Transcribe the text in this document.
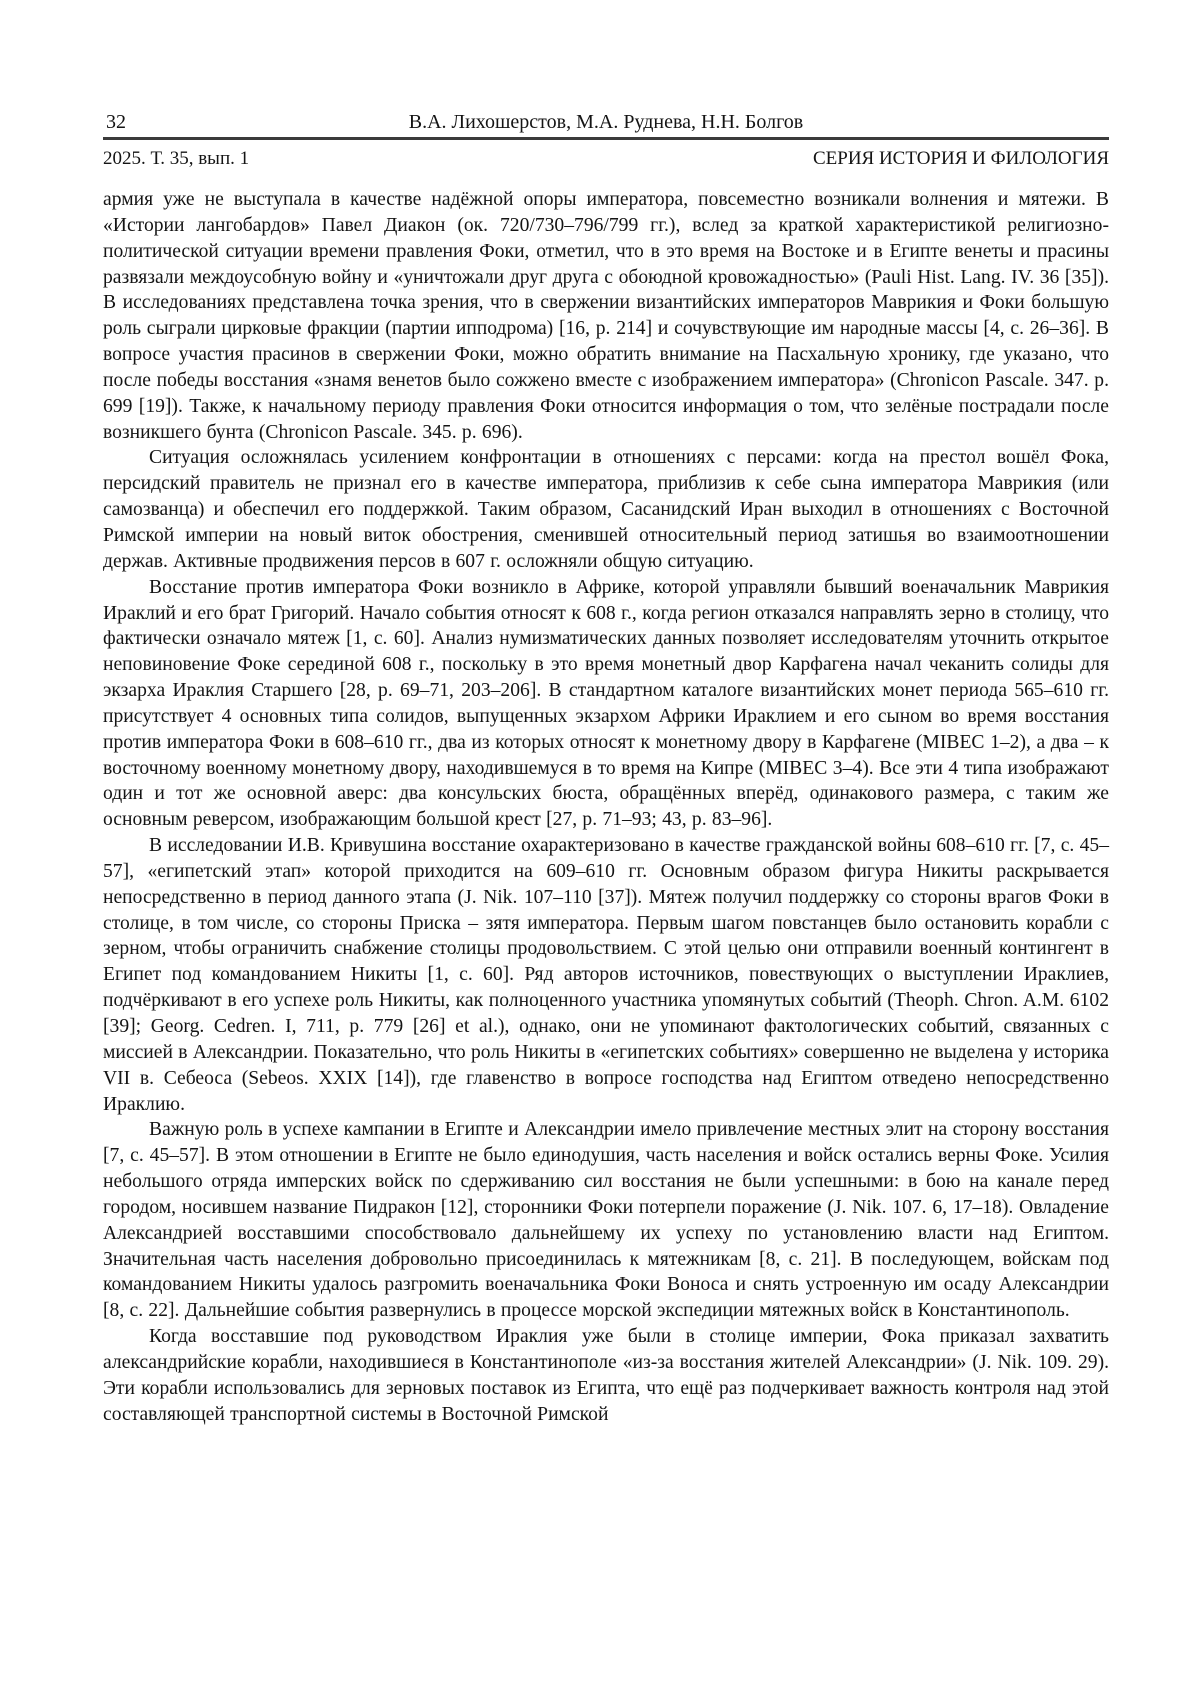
32	В.А. Лихошерстов, М.А. Руднева, Н.Н. Болгов
2025. Т. 35, вып. 1	СЕРИЯ ИСТОРИЯ И ФИЛОЛОГИЯ

армия уже не выступала в качестве надёжной опоры императора, повсеместно возникали волнения и мятежи. В «Истории лангобардов» Павел Диакон (ок. 720/730–796/799 гг.), вслед за краткой характеристикой религиозно-политической ситуации времени правления Фоки, отметил, что в это время на Востоке и в Египте венеты и прасины развязали междоусобную войну и «уничтожали друг друга с обоюдной кровожадностью» (Pauli Hist. Lang. IV. 36 [35]). В исследованиях представлена точка зрения, что в свержении византийских императоров Маврикия и Фоки большую роль сыграли цирковые фракции (партии ипподрома) [16, p. 214] и сочувствующие им народные массы [4, с. 26–36]. В вопросе участия прасинов в свержении Фоки, можно обратить внимание на Пасхальную хронику, где указано, что после победы восстания «знамя венетов было сожжено вместе с изображением императора» (Chronicon Pascale. 347. p. 699 [19]). Также, к начальному периоду правления Фоки относится информация о том, что зелёные пострадали после возникшего бунта (Chronicon Pascale. 345. p. 696).

Ситуация осложнялась усилением конфронтации в отношениях с персами: когда на престол вошёл Фока, персидский правитель не признал его в качестве императора, приблизив к себе сына императора Маврикия (или самозванца) и обеспечил его поддержкой. Таким образом, Сасанидский Иран выходил в отношениях с Восточной Римской империи на новый виток обострения, сменившей относительный период затишья во взаимоотношении держав. Активные продвижения персов в 607 г. осложняли общую ситуацию.

Восстание против императора Фоки возникло в Африке, которой управляли бывший военачальник Маврикия Ираклий и его брат Григорий. Начало события относят к 608 г., когда регион отказался направлять зерно в столицу, что фактически означало мятеж [1, с. 60]. Анализ нумизматических данных позволяет исследователям уточнить открытое неповиновение Фоке серединой 608 г., поскольку в это время монетный двор Карфагена начал чеканить солиды для экзарха Ираклия Старшего [28, p. 69–71, 203–206]. В стандартном каталоге византийских монет периода 565–610 гг. присутствует 4 основных типа солидов, выпущенных экзархом Африки Ираклием и его сыном во время восстания против императора Фоки в 608–610 гг., два из которых относят к монетному двору в Карфагене (MIBEC 1–2), а два – к восточному военному монетному двору, находившемуся в то время на Кипре (MIBEC 3–4). Все эти 4 типа изображают один и тот же основной аверс: два консульских бюста, обращённых вперёд, одинакового размера, с таким же основным реверсом, изображающим большой крест [27, p. 71–93; 43, p. 83–96].

В исследовании И.В. Кривушина восстание охарактеризовано в качестве гражданской войны 608–610 гг. [7, с. 45–57], «египетский этап» которой приходится на 609–610 гг. Основным образом фигура Никиты раскрывается непосредственно в период данного этапа (J. Nik. 107–110 [37]). Мятеж получил поддержку со стороны врагов Фоки в столице, в том числе, со стороны Приска – зятя императора. Первым шагом повстанцев было остановить корабли с зерном, чтобы ограничить снабжение столицы продовольствием. С этой целью они отправили военный контингент в Египет под командованием Никиты [1, с. 60]. Ряд авторов источников, повествующих о выступлении Ираклиев, подчёркивают в его успехе роль Никиты, как полноценного участника упомянутых событий (Theoph. Chron. A.M. 6102 [39]; Georg. Cedren. I, 711, p. 779 [26] et al.), однако, они не упоминают фактологических событий, связанных с миссией в Александрии. Показательно, что роль Никиты в «египетских событиях» совершенно не выделена у историка VII в. Себеоса (Sebeos. XXIX [14]), где главенство в вопросе господства над Египтом отведено непосредственно Ираклию.

Важную роль в успехе кампании в Египте и Александрии имело привлечение местных элит на сторону восстания [7, с. 45–57]. В этом отношении в Египте не было единодушия, часть населения и войск остались верны Фоке. Усилия небольшого отряда имперских войск по сдерживанию сил восстания не были успешными: в бою на канале перед городом, носившем название Пидракон [12], сторонники Фоки потерпели поражение (J. Nik. 107. 6, 17–18). Овладение Александрией восставшими способствовало дальнейшему их успеху по установлению власти над Египтом. Значительная часть населения добровольно присоединилась к мятежникам [8, с. 21]. В последующем, войскам под командованием Никиты удалось разгромить военачальника Фоки Воноса и снять устроенную им осаду Александрии [8, с. 22]. Дальнейшие события развернулись в процессе морской экспедиции мятежных войск в Константинополь.

Когда восставшие под руководством Ираклия уже были в столице империи, Фока приказал захватить александрийские корабли, находившиеся в Константинополе «из-за восстания жителей Александрии» (J. Nik. 109. 29). Эти корабли использовались для зерновых поставок из Египта, что ещё раз подчеркивает важность контроля над этой составляющей транспортной системы в Восточной Римской
